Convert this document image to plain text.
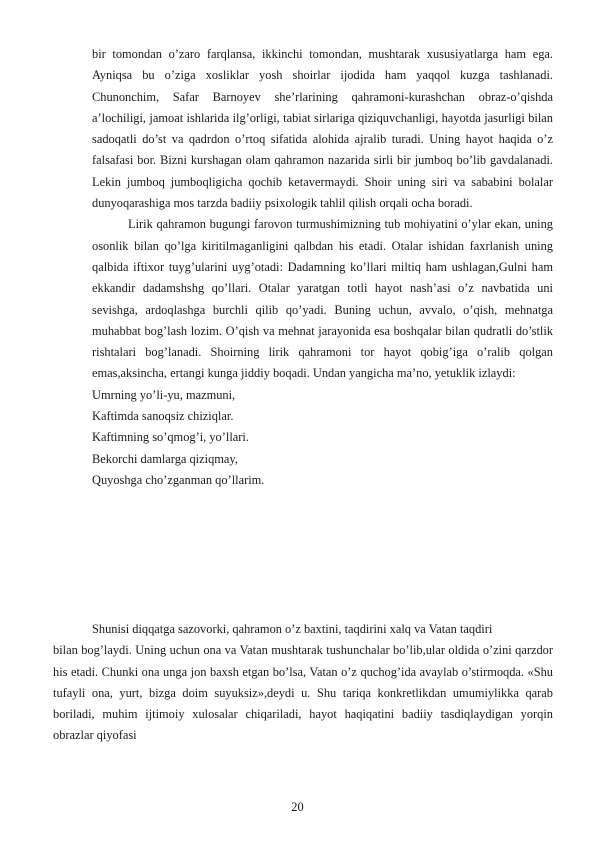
bir tomondan o’zaro farqlansa, ikkinchi tomondan, mushtarak xususiyatlarga ham ega. Ayniqsa bu o’ziga xosliklar yosh shoirlar ijodida ham yaqqol kuzga tashlanadi. Chunonchim, Safar Barnoyev she’rlarining qahramoni-kurashchan obraz-o’qishda a’lochiligi, jamoat ishlarida ilg’orligi, tabiat sirlariga qiziquvchanligi, hayotda jasurligi bilan sadoqatli do’st va qadrdon o’rtoq sifatida alohida ajralib turadi. Uning hayot haqida o’z falsafasi bor. Bizni kurshagan olam qahramon nazarida sirli bir jumboq bo’lib gavdalanadi. Lekin jumboq jumboqligicha qochib ketavermaydi. Shoir uning siri va sababini bolalar dunyoqarashiga mos tarzda badiiy psixologik tahlil qilish orqali ocha boradi.

Lirik qahramon bugungi farovon turmushimizning tub mohiyatini o’ylar ekan, uning osonlik bilan qo’lga kiritilmaganligini qalbdan his etadi. Otalar ishidan faxrlanish uning qalbida iftixor tuyg’ularini uyg’otadi: Dadamning ko’llari miltiq ham ushlagan,Gulni ham ekkandir dadamshshg qo’llari. Otalar yaratgan totli hayot nash’asi o’z navbatida uni sevishga, ardoqlashga burchli qilib qo’yadi. Buning uchun, avvalo, o’qish, mehnatga muhabbat bog’lash lozim. O’qish va mehnat jarayonida esa boshqalar bilan qudratli do’stlik rishtalari bog’lanadi. Shoirning lirik qahramoni tor hayot qobig’iga o’ralib qolgan emas,aksincha, ertangi kunga jiddiy boqadi. Undan yangicha ma’no, yetuklik izlaydi:

Umrning yo’li-yu, mazmuni,
Kaftimda sanoqsiz chiziqlar.
Kaftimning so’qmog’i, yo’llari.
Bekorchi damlarga qiziqmay,
Quyoshga cho’zganman qo’llarim.
Shunisi diqqatga sazovorki, qahramon o’z baxtini, taqdirini xalq va Vatan taqdiri
bilan bog’laydi. Uning uchun ona va Vatan mushtarak tushunchalar bo’lib,ular oldida o’zini qarzdor his etadi. Chunki ona unga jon baxsh etgan bo’lsa, Vatan o’z quchog’ida avaylab o’stirmoqda. «Shu tufayli ona, yurt, bizga doim suyuksiz»,deydi u. Shu tariqa konkretlikdan umumiylikka qarab boriladi, muhim ijtimoiy xulosalar chiqariladi, hayot haqiqatini badiiy tasdiqlaydigan yorqin obrazlar qiyofasi
20
